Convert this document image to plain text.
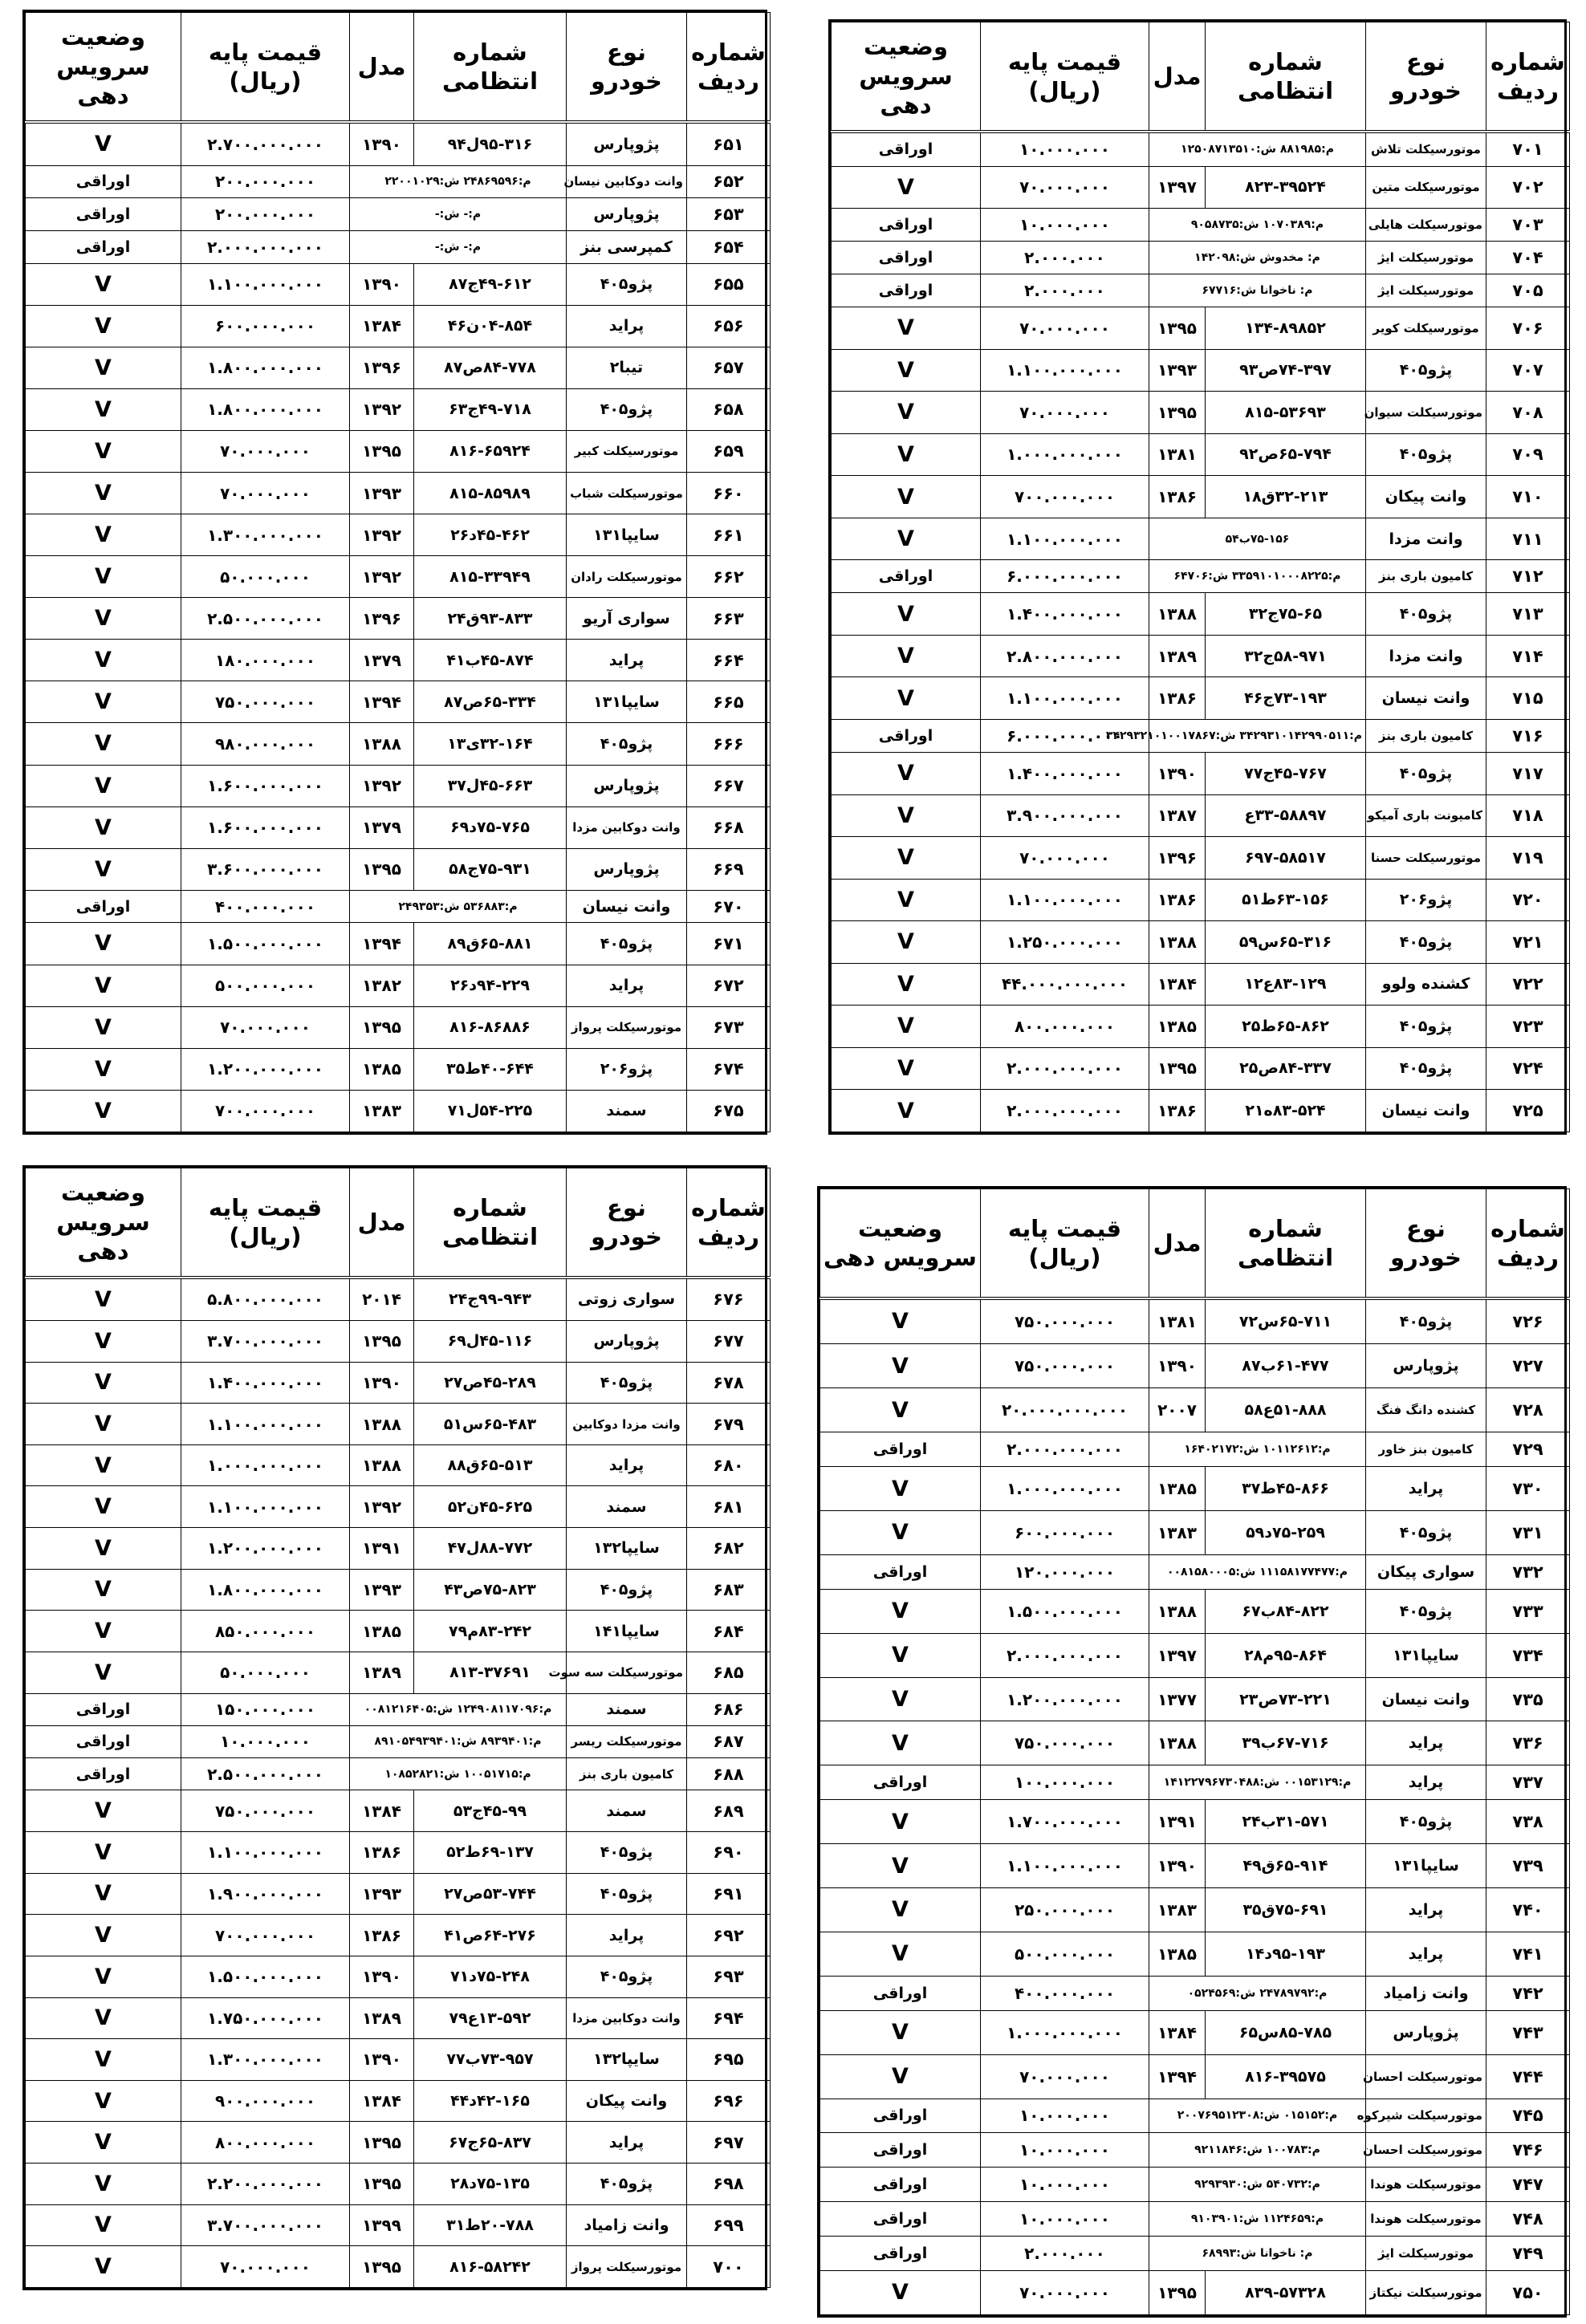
شماره ردیف	نوع خودرو	شماره انتظامی	مدل	قیمت پایه (ریال)	وضعیت سرویس دهی
۶۵۱	پژوپارس	۹۵-۳۱۶ل۹۴	۱۳۹۰	۲.۷۰۰.۰۰۰.۰۰۰	V
۶۵۲	وانت دوکابین نیسان	م:۲۴۸۶۹۵۹۶ ش:۲۲۰۰۱۰۲۹		۲۰۰.۰۰۰.۰۰۰	اوراقی
۶۵۳	پژوپارس	م:- ش:-		۲۰۰.۰۰۰.۰۰۰	اوراقی
۶۵۴	کمپرسی بنز	م:- ش:-		۲.۰۰۰.۰۰۰.۰۰۰	اوراقی
۶۵۵	پژو۴۰۵	۴۹-۶۱۲ج۸۷	۱۳۹۰	۱.۱۰۰.۰۰۰.۰۰۰	V
۶۵۶	پراید	۰۴-۸۵۴ن۴۶	۱۳۸۴	۶۰۰.۰۰۰.۰۰۰	V
۶۵۷	تیبا۲	۸۴-۷۷۸ص۸۷	۱۳۹۶	۱.۸۰۰.۰۰۰.۰۰۰	V
۶۵۸	پژو۴۰۵	۴۹-۷۱۸ج۶۳	۱۳۹۲	۱.۸۰۰.۰۰۰.۰۰۰	V
۶۵۹	موتورسیکلت کبیر	۸۱۶-۶۵۹۲۴	۱۳۹۵	۷۰.۰۰۰.۰۰۰	V
۶۶۰	موتورسیکلت شباب	۸۱۵-۸۵۹۸۹	۱۳۹۳	۷۰.۰۰۰.۰۰۰	V
۶۶۱	سایپا۱۳۱	۴۵-۴۶۲د۲۶	۱۳۹۲	۱.۳۰۰.۰۰۰.۰۰۰	V
۶۶۲	موتورسیکلت رادان	۸۱۵-۳۳۹۴۹	۱۳۹۲	۵۰.۰۰۰.۰۰۰	V
۶۶۳	سواری آریو	۹۳-۸۳۳ق۲۴	۱۳۹۶	۲.۵۰۰.۰۰۰.۰۰۰	V
۶۶۴	پراید	۴۵-۸۷۴ب۴۱	۱۳۷۹	۱۸۰.۰۰۰.۰۰۰	V
۶۶۵	سایپا۱۳۱	۶۵-۳۳۴ص۸۷	۱۳۹۴	۷۵۰.۰۰۰.۰۰۰	V
۶۶۶	پژو۴۰۵	۳۲-۱۶۴ی۱۳	۱۳۸۸	۹۸۰.۰۰۰.۰۰۰	V
۶۶۷	پژوپارس	۴۵-۶۶۳ل۳۷	۱۳۹۲	۱.۶۰۰.۰۰۰.۰۰۰	V
۶۶۸	وانت دوکابین مزدا	۷۵-۷۶۵د۶۹	۱۳۷۹	۱.۶۰۰.۰۰۰.۰۰۰	V
۶۶۹	پژوپارس	۷۵-۹۳۱ج۵۸	۱۳۹۵	۳.۶۰۰.۰۰۰.۰۰۰	V
۶۷۰	وانت نیسان	م:۵۳۶۸۸۳ ش:۲۴۹۳۵۳		۴۰۰.۰۰۰.۰۰۰	اوراقی
۶۷۱	پژو۴۰۵	۶۵-۸۸۱ق۸۹	۱۳۹۴	۱.۵۰۰.۰۰۰.۰۰۰	V
۶۷۲	پراید	۹۴-۲۲۹د۲۶	۱۳۸۲	۵۰۰.۰۰۰.۰۰۰	V
۶۷۳	موتورسیکلت پرواز	۸۱۶-۸۶۸۸۶	۱۳۹۵	۷۰.۰۰۰.۰۰۰	V
۶۷۴	پژو۲۰۶	۴۰-۶۴۴ط۳۵	۱۳۸۵	۱.۲۰۰.۰۰۰.۰۰۰	V
۶۷۵	سمند	۵۴-۲۲۵ل۷۱	۱۳۸۳	۷۰۰.۰۰۰.۰۰۰	V
شماره ردیف	نوع خودرو	شماره انتظامی	مدل	قیمت پایه (ریال)	وضعیت سرویس دهی
۷۰۱	موتورسیکلت تلاش	م:۸۸۱۹۸۵ ش:۱۲۵۰۸۷۱۳۵۱۰		۱۰.۰۰۰.۰۰۰	اوراقی
۷۰۲	موتورسیکلت متین	۸۲۳-۳۹۵۲۴	۱۳۹۷	۷۰.۰۰۰.۰۰۰	V
۷۰۳	موتورسیکلت هایلی	م:۱۰۷۰۳۸۹ ش:۹۰۵۸۷۳۵		۱۰.۰۰۰.۰۰۰	اوراقی
۷۰۴	موتورسیکلت ایژ	م: مخدوش ش:۱۴۲۰۹۸		۲.۰۰۰.۰۰۰	اوراقی
۷۰۵	موتورسیکلت ایژ	م: ناخوانا ش:۶۷۷۱۶		۲.۰۰۰.۰۰۰	اوراقی
۷۰۶	موتورسیکلت کویر	۱۳۴-۸۹۸۵۲	۱۳۹۵	۷۰.۰۰۰.۰۰۰	V
۷۰۷	پژو۴۰۵	۷۴-۳۹۷ص۹۳	۱۳۹۳	۱.۱۰۰.۰۰۰.۰۰۰	V
۷۰۸	موتورسیکلت سیوان	۸۱۵-۵۳۶۹۳	۱۳۹۵	۷۰.۰۰۰.۰۰۰	V
۷۰۹	پژو۴۰۵	۶۵-۷۹۴ص۹۲	۱۳۸۱	۱.۰۰۰.۰۰۰.۰۰۰	V
۷۱۰	وانت پیکان	۳۲-۲۱۳ق۱۸	۱۳۸۶	۷۰۰.۰۰۰.۰۰۰	V
۷۱۱	وانت مزدا	۷۵-۱۵۶ب۵۴		۱.۱۰۰.۰۰۰.۰۰۰	V
۷۱۲	کامیون باری بنز	م:۳۳۵۹۱۰۱۰۰۰۸۲۲۵ ش:۶۴۷۰۶		۶.۰۰۰.۰۰۰.۰۰۰	اوراقی
۷۱۳	پژو۴۰۵	۷۵-۶۵ج۳۲	۱۳۸۸	۱.۴۰۰.۰۰۰.۰۰۰	V
۷۱۴	وانت مزدا	۵۸-۹۷۱ج۳۲	۱۳۸۹	۲.۸۰۰.۰۰۰.۰۰۰	V
۷۱۵	وانت نیسان	۷۳-۱۹۳ج۴۶	۱۳۸۶	۱.۱۰۰.۰۰۰.۰۰۰	V
۷۱۶	کامیون باری بنز	م:۳۴۲۹۳۱۰۱۴۲۹۹۰۵۱۱ ش:۳۴۲۹۳۲۱۰۱۰۰۱۷۸۶۷		۶.۰۰۰.۰۰۰.۰۰۰	اوراقی
۷۱۷	پژو۴۰۵	۴۵-۷۶۷ج۷۷	۱۳۹۰	۱.۴۰۰.۰۰۰.۰۰۰	V
۷۱۸	کامیونت باری آمیکو	۳۳-۵۸۸۹۷ع	۱۳۸۷	۳.۹۰۰.۰۰۰.۰۰۰	V
۷۱۹	موتورسیکلت حسنا	۶۹۷-۵۸۵۱۷	۱۳۹۶	۷۰.۰۰۰.۰۰۰	V
۷۲۰	پژو۲۰۶	۶۳-۱۵۶ط۵۱	۱۳۸۶	۱.۱۰۰.۰۰۰.۰۰۰	V
۷۲۱	پژو۴۰۵	۶۵-۳۱۶س۵۹	۱۳۸۸	۱.۲۵۰.۰۰۰.۰۰۰	V
۷۲۲	کشنده ولوو	۸۳-۱۲۹ع۱۲	۱۳۸۴	۴۴.۰۰۰.۰۰۰.۰۰۰	V
۷۲۳	پژو۴۰۵	۶۵-۸۶۲ط۲۵	۱۳۸۵	۸۰۰.۰۰۰.۰۰۰	V
۷۲۴	پژو۴۰۵	۸۴-۳۳۷ص۲۵	۱۳۹۵	۲.۰۰۰.۰۰۰.۰۰۰	V
۷۲۵	وانت نیسان	۸۳-۵۲۴ه۲۱	۱۳۸۶	۲.۰۰۰.۰۰۰.۰۰۰	V
شماره ردیف	نوع خودرو	شماره انتظامی	مدل	قیمت پایه (ریال)	وضعیت سرویس دهی
۶۷۶	سواری زوتی	۹۹-۹۴۳ج۲۴	۲۰۱۴	۵.۸۰۰.۰۰۰.۰۰۰	V
۶۷۷	پژوپارس	۴۵-۱۱۶ل۶۹	۱۳۹۵	۳.۷۰۰.۰۰۰.۰۰۰	V
۶۷۸	پژو۴۰۵	۴۵-۲۸۹ص۲۷	۱۳۹۰	۱.۴۰۰.۰۰۰.۰۰۰	V
۶۷۹	وانت مزدا دوکابین	۶۵-۴۸۳س۵۱	۱۳۸۸	۱.۱۰۰.۰۰۰.۰۰۰	V
۶۸۰	پراید	۶۵-۵۱۳ق۸۸	۱۳۸۸	۱.۰۰۰.۰۰۰.۰۰۰	V
۶۸۱	سمند	۴۵-۶۲۵ن۵۲	۱۳۹۲	۱.۱۰۰.۰۰۰.۰۰۰	V
۶۸۲	سایپا۱۳۲	۸۸-۷۷۲ل۴۷	۱۳۹۱	۱.۲۰۰.۰۰۰.۰۰۰	V
۶۸۳	پژو۴۰۵	۷۵-۸۲۳ص۴۳	۱۳۹۳	۱.۸۰۰.۰۰۰.۰۰۰	V
۶۸۴	سایپا۱۴۱	۸۳-۲۴۲م۷۹	۱۳۸۵	۸۵۰.۰۰۰.۰۰۰	V
۶۸۵	موتورسیکلت سه سوت	۸۱۳-۳۷۶۹۱	۱۳۸۹	۵۰.۰۰۰.۰۰۰	V
۶۸۶	سمند	م:۱۲۴۹۰۸۱۱۷۰۹۶ ش:۰۰۸۱۲۱۶۴۰۵		۱۵۰.۰۰۰.۰۰۰	اوراقی
۶۸۷	موتورسیکلت ریسر	م:۸۹۳۹۴۰۱ ش:۸۹۱۰۵۴۹۳۹۴۰۱		۱۰.۰۰۰.۰۰۰	اوراقی
۶۸۸	کامیون باری بنز	م:۱۰۰۵۱۷۱۵ ش:۱۰۸۵۲۸۲۱		۲.۵۰۰.۰۰۰.۰۰۰	اوراقی
۶۸۹	سمند	۴۵-۹۹ج۵۳	۱۳۸۴	۷۵۰.۰۰۰.۰۰۰	V
۶۹۰	پژو۴۰۵	۶۹-۱۳۷ط۵۲	۱۳۸۶	۱.۱۰۰.۰۰۰.۰۰۰	V
۶۹۱	پژو۴۰۵	۵۳-۷۴۴ص۲۷	۱۳۹۳	۱.۹۰۰.۰۰۰.۰۰۰	V
۶۹۲	پراید	۶۴-۲۷۶ص۴۱	۱۳۸۶	۷۰۰.۰۰۰.۰۰۰	V
۶۹۳	پژو۴۰۵	۷۵-۲۴۸د۷۱	۱۳۹۰	۱.۵۰۰.۰۰۰.۰۰۰	V
۶۹۴	وانت دوکابین مزدا	۱۳-۵۹۲ع۷۹	۱۳۸۹	۱.۷۵۰.۰۰۰.۰۰۰	V
۶۹۵	سایپا۱۳۲	۷۳-۹۵۷ب۷۷	۱۳۹۰	۱.۳۰۰.۰۰۰.۰۰۰	V
۶۹۶	وانت پیکان	۴۲-۱۶۵د۴۴	۱۳۸۴	۹۰۰.۰۰۰.۰۰۰	V
۶۹۷	پراید	۶۵-۸۳۷ج۶۷	۱۳۹۵	۸۰۰.۰۰۰.۰۰۰	V
۶۹۸	پژو۴۰۵	۷۵-۱۳۵د۲۸	۱۳۹۵	۲.۲۰۰.۰۰۰.۰۰۰	V
۶۹۹	وانت زامیاد	۲۰-۷۸۸ط۳۱	۱۳۹۹	۳.۷۰۰.۰۰۰.۰۰۰	V
۷۰۰	موتورسیکلت پرواز	۸۱۶-۵۸۲۴۲	۱۳۹۵	۷۰.۰۰۰.۰۰۰	V
شماره ردیف	نوع خودرو	شماره انتظامی	مدل	قیمت پایه (ریال)	وضعیت سرویس دهی
۷۲۶	پژو۴۰۵	۶۵-۷۱۱س۷۲	۱۳۸۱	۷۵۰.۰۰۰.۰۰۰	V
۷۲۷	پژوپارس	۶۱-۴۷۷ب۸۷	۱۳۹۰	۷۵۰.۰۰۰.۰۰۰	V
۷۲۸	کشنده دانگ فنگ	۵۱-۸۸۸ع۵۸	۲۰۰۷	۲۰.۰۰۰.۰۰۰.۰۰۰	V
۷۲۹	کامیون بنز خاور	م:۱۰۱۱۲۶۱۲ ش:۱۶۴۰۲۱۷۲		۲.۰۰۰.۰۰۰.۰۰۰	اوراقی
۷۳۰	پراید	۴۵-۸۶۶ط۳۷	۱۳۸۵	۱.۰۰۰.۰۰۰.۰۰۰	V
۷۳۱	پژو۴۰۵	۷۵-۲۵۹د۵۹	۱۳۸۳	۶۰۰.۰۰۰.۰۰۰	V
۷۳۲	سواری پیکان	م:۱۱۱۵۸۱۷۷۴۷۷ ش:۰۰۸۱۵۸۰۰۰۵		۱۲۰.۰۰۰.۰۰۰	اوراقی
۷۳۳	پژو۴۰۵	۸۴-۸۲۲ب۶۷	۱۳۸۸	۱.۵۰۰.۰۰۰.۰۰۰	V
۷۳۴	سایپا۱۳۱	۹۵-۸۶۴م۲۸	۱۳۹۷	۲.۰۰۰.۰۰۰.۰۰۰	V
۷۳۵	وانت نیسان	۷۳-۲۲۱ص۲۳	۱۳۷۷	۱.۲۰۰.۰۰۰.۰۰۰	V
۷۳۶	پراید	۶۷-۷۱۶ب۳۹	۱۳۸۸	۷۵۰.۰۰۰.۰۰۰	V
۷۳۷	پراید	م:۰۰۱۵۳۱۲۹ ش:۱۴۱۲۲۷۹۶۷۳۰۴۸۸		۱۰۰.۰۰۰.۰۰۰	اوراقی
۷۳۸	پژو۴۰۵	۳۱-۵۷۱ب۲۴	۱۳۹۱	۱.۷۰۰.۰۰۰.۰۰۰	V
۷۳۹	سایپا۱۳۱	۶۵-۹۱۴ق۴۹	۱۳۹۰	۱.۱۰۰.۰۰۰.۰۰۰	V
۷۴۰	پراید	۷۵-۶۹۱ق۳۵	۱۳۸۳	۲۵۰.۰۰۰.۰۰۰	V
۷۴۱	پراید	۹۵-۱۹۳د۱۴	۱۳۸۵	۵۰۰.۰۰۰.۰۰۰	V
۷۴۲	وانت زامیاد	م:۲۴۷۸۹۷۹۲ ش:۰۵۲۴۵۶۹		۴۰۰.۰۰۰.۰۰۰	اوراقی
۷۴۳	پژوپارس	۸۵-۷۸۵س۶۵	۱۳۸۴	۱.۰۰۰.۰۰۰.۰۰۰	V
۷۴۴	موتورسیکلت احسان	۸۱۶-۳۹۵۷۵	۱۳۹۴	۷۰.۰۰۰.۰۰۰	V
۷۴۵	موتورسیکلت شیرکوه	م:۰۱۵۱۵۲ ش:۲۰۰۷۶۹۵۱۲۳۰۸		۱۰.۰۰۰.۰۰۰	اوراقی
۷۴۶	موتورسیکلت احسان	م:۱۰۰۷۸۳ ش:۹۲۱۱۸۴۶		۱۰.۰۰۰.۰۰۰	اوراقی
۷۴۷	موتورسیکلت هوندا	م:۵۴۰۷۳۲ ش:۹۲۹۳۹۳۰		۱۰.۰۰۰.۰۰۰	اوراقی
۷۴۸	موتورسیکلت هوندا	م:۱۱۲۴۶۵۹ ش:۹۱۰۳۹۰۱		۱۰.۰۰۰.۰۰۰	اوراقی
۷۴۹	موتورسیکلت ایژ	م: ناخوانا ش:۶۸۹۹۳		۲.۰۰۰.۰۰۰	اوراقی
۷۵۰	موتورسیکلت نیکتاز	۸۳۹-۵۷۳۲۸	۱۳۹۵	۷۰.۰۰۰.۰۰۰	V
